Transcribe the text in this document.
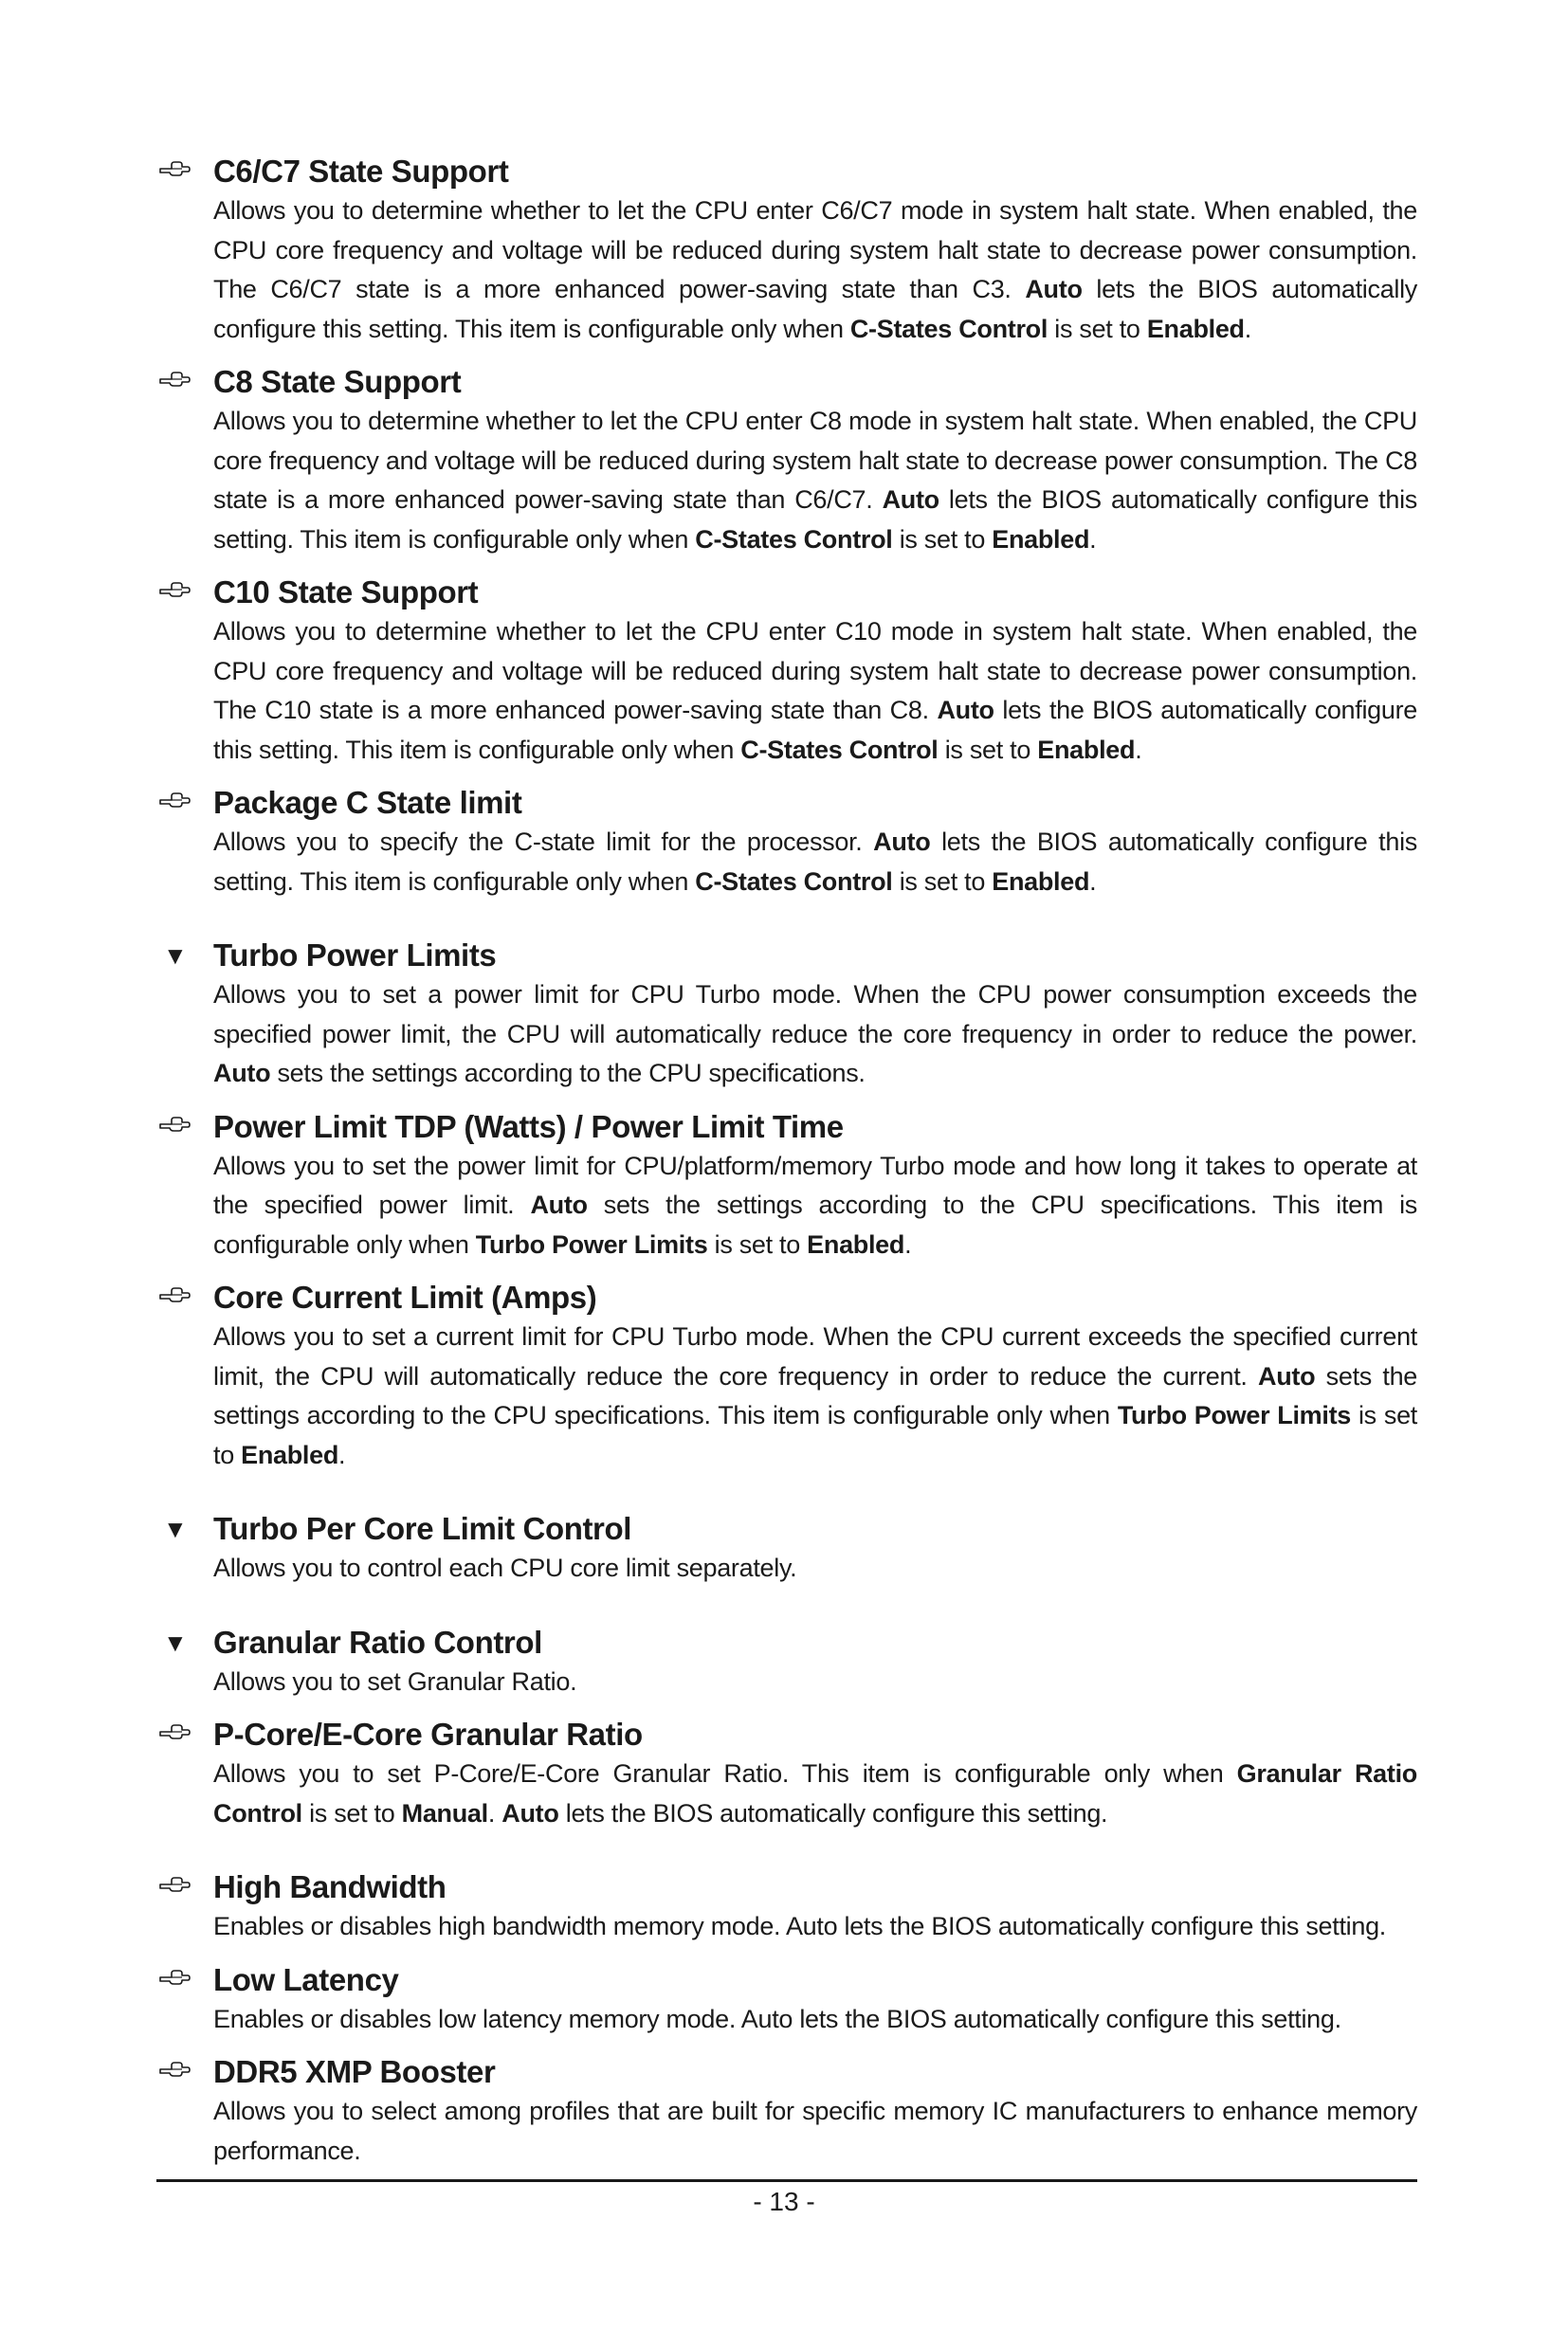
C6/C7 State Support

Allows you to determine whether to let the CPU enter C6/C7 mode in system halt state. When enabled, the CPU core frequency and voltage will be reduced during system halt state to decrease power consumption. The C6/C7 state is a more enhanced power-saving state than C3. Auto lets the BIOS automatically configure this setting. This item is configurable only when C-States Control is set to Enabled.

C8 State Support

Allows you to determine whether to let the CPU enter C8 mode in system halt state. When enabled, the CPU core frequency and voltage will be reduced during system halt state to decrease power consumption. The C8 state is a more enhanced power-saving state than C6/C7. Auto lets the BIOS automatically configure this setting. This item is configurable only when C-States Control is set to Enabled.

C10 State Support

Allows you to determine whether to let the CPU enter C10 mode in system halt state. When enabled, the CPU core frequency and voltage will be reduced during system halt state to decrease power consumption. The C10 state is a more enhanced power-saving state than C8. Auto lets the BIOS automatically configure this setting. This item is configurable only when C-States Control is set to Enabled.

Package C State limit

Allows you to specify the C-state limit for the processor. Auto lets the BIOS automatically configure this setting. This item is configurable only when C-States Control is set to Enabled.

▼ Turbo Power Limits

Allows you to set a power limit for CPU Turbo mode. When the CPU power consumption exceeds the specified power limit, the CPU will automatically reduce the core frequency in order to reduce the power. Auto sets the settings according to the CPU specifications.

Power Limit TDP (Watts) / Power Limit Time

Allows you to set the power limit for CPU/platform/memory Turbo mode and how long it takes to operate at the specified power limit. Auto sets the settings according to the CPU specifications. This item is configurable only when Turbo Power Limits is set to Enabled.

Core Current Limit (Amps)

Allows you to set a current limit for CPU Turbo mode. When the CPU current exceeds the specified current limit, the CPU will automatically reduce the core frequency in order to reduce the current. Auto sets the settings according to the CPU specifications. This item is configurable only when Turbo Power Limits is set to Enabled.

▼ Turbo Per Core Limit Control

Allows you to control each CPU core limit separately.

▼ Granular Ratio Control

Allows you to set Granular Ratio.

P-Core/E-Core Granular Ratio

Allows you to set P-Core/E-Core Granular Ratio. This item is configurable only when Granular Ratio Control is set to Manual. Auto lets the BIOS automatically configure this setting.

High Bandwidth

Enables or disables high bandwidth memory mode. Auto lets the BIOS automatically configure this setting.

Low Latency

Enables or disables low latency memory mode. Auto lets the BIOS automatically configure this setting.

DDR5 XMP Booster

Allows you to select among profiles that are built for specific memory IC manufacturers to enhance memory performance.

- 13 -
